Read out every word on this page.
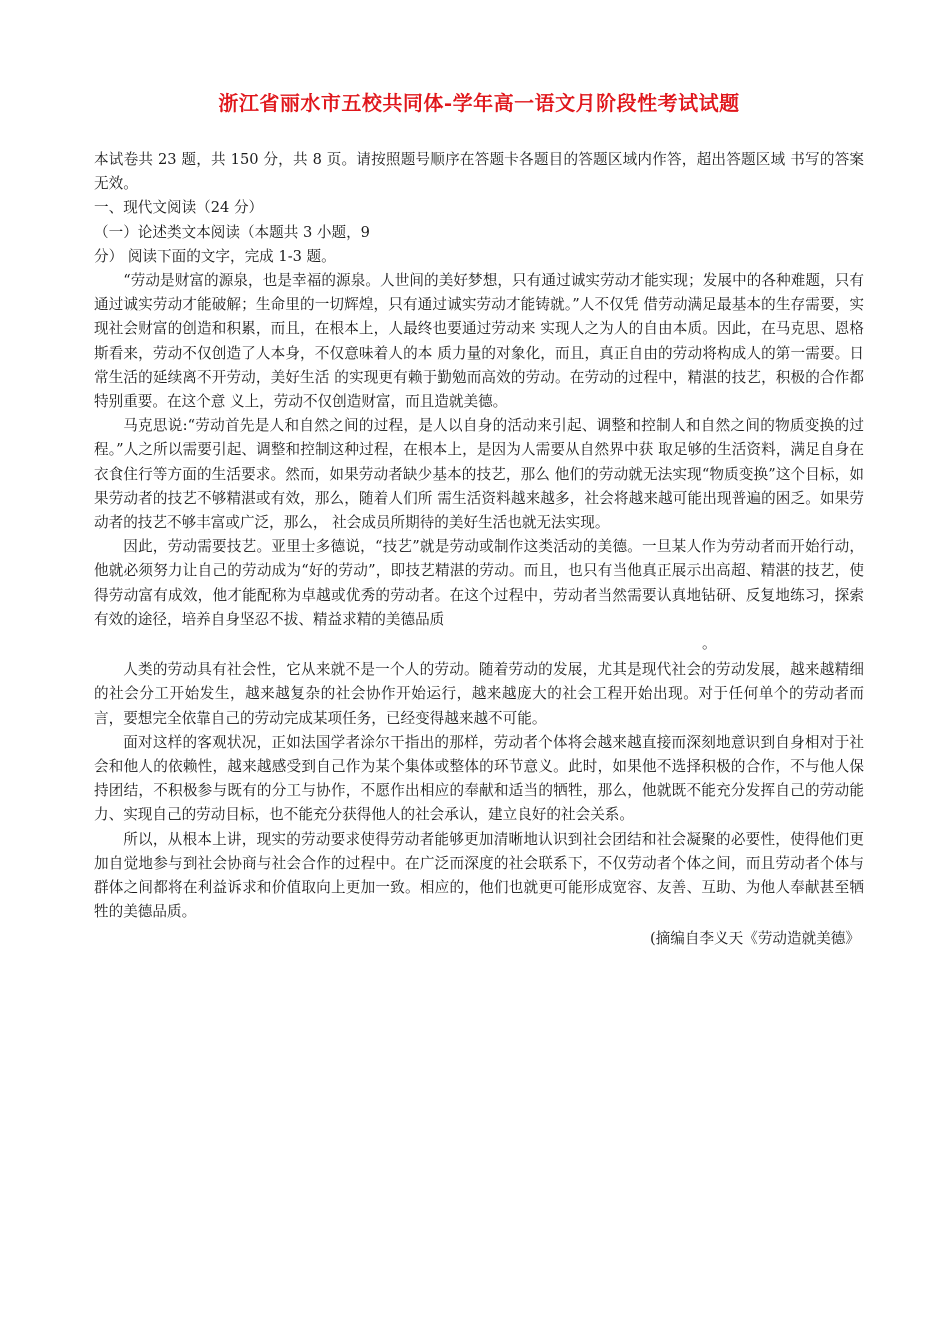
浙江省丽水市五校共同体-学年高一语文月阶段性考试试题

本试卷共 23 题，共 150 分，共 8 页。请按照题号顺序在答题卡各题目的答题区域内作答，超出答题区域 书写的答案无效。

一、现代文阅读（24 分）

（一）论述类文本阅读（本题共 3 小题，9

分） 阅读下面的文字，完成 1-3 题。

“劳动是财富的源泉，也是幸福的源泉。人世间的美好梦想，只有通过诚实劳动才能实现；发展中的各种难题，只有通过诚实劳动才能破解；生命里的一切辉煌，只有通过诚实劳动才能铸就。”人不仅凭 借劳动满足最基本的生存需要，实现社会财富的创造和积累，而且，在根本上，人最终也要通过劳动来 实现人之为人的自由本质。因此，在马克思、恩格斯看来，劳动不仅创造了人本身，不仅意味着人的本 质力量的对象化，而且，真正自由的劳动将构成人的第一需要。日常生活的延续离不开劳动，美好生活 的实现更有赖于勤勉而高效的劳动。在劳动的过程中，精湛的技艺，积极的合作都特别重要。在这个意 义上，劳动不仅创造财富，而且造就美德。

马克思说:“劳动首先是人和自然之间的过程，是人以自身的活动来引起、调整和控制人和自然之间的物质变换的过程。”人之所以需要引起、调整和控制这种过程，在根本上，是因为人需要从自然界中获 取足够的生活资料，满足自身在衣食住行等方面的生活要求。然而，如果劳动者缺少基本的技艺，那么 他们的劳动就无法实现“物质变换”这个目标，如果劳动者的技艺不够精湛或有效，那么，随着人们所 需生活资料越来越多，社会将越来越可能出现普遍的困乏。如果劳动者的技艺不够丰富或广泛，那么， 社会成员所期待的美好生活也就无法实现。

因此，劳动需要技艺。亚里士多德说，“技艺”就是劳动或制作这类活动的美德。一旦某人作为劳动者而开始行动，他就必须努力让自己的劳动成为“好的劳动”，即技艺精湛的劳动。而且，也只有当他真正展示出高超、精湛的技艺，使得劳动富有成效，他才能配称为卓越或优秀的劳动者。在这个过程中，劳动者当然需要认真地钻研、反复地练习，探索有效的途径，培养自身坚忍不拔、精益求精的美德品质

。

人类的劳动具有社会性，它从来就不是一个人的劳动。随着劳动的发展，尤其是现代社会的劳动发展，越来越精细的社会分工开始发生，越来越复杂的社会协作开始运行，越来越庞大的社会工程开始出现。对于任何单个的劳动者而言，要想完全依靠自己的劳动完成某项任务，已经变得越来越不可能。

面对这样的客观状况，正如法国学者涂尔干指出的那样，劳动者个体将会越来越直接而深刻地意识到自身相对于社会和他人的依赖性，越来越感受到自己作为某个集体或整体的环节意义。此时，如果他不选择积极的合作，不与他人保持团结，不积极参与既有的分工与协作，不愿作出相应的奉献和适当的牺牲，那么，他就既不能充分发挥自己的劳动能力、实现自己的劳动目标，也不能充分获得他人的社会承认，建立良好的社会关系。

所以，从根本上讲，现实的劳动要求使得劳动者能够更加清晰地认识到社会团结和社会凝聚的必要性，使得他们更加自觉地参与到社会协商与社会合作的过程中。在广泛而深度的社会联系下，不仅劳动者个体之间，而且劳动者个体与群体之间都将在利益诉求和价值取向上更加一致。相应的，他们也就更可能形成宽容、友善、互助、为他人奉献甚至牺牲的美德品质。

(摘编自李义天《劳动造就美德》
